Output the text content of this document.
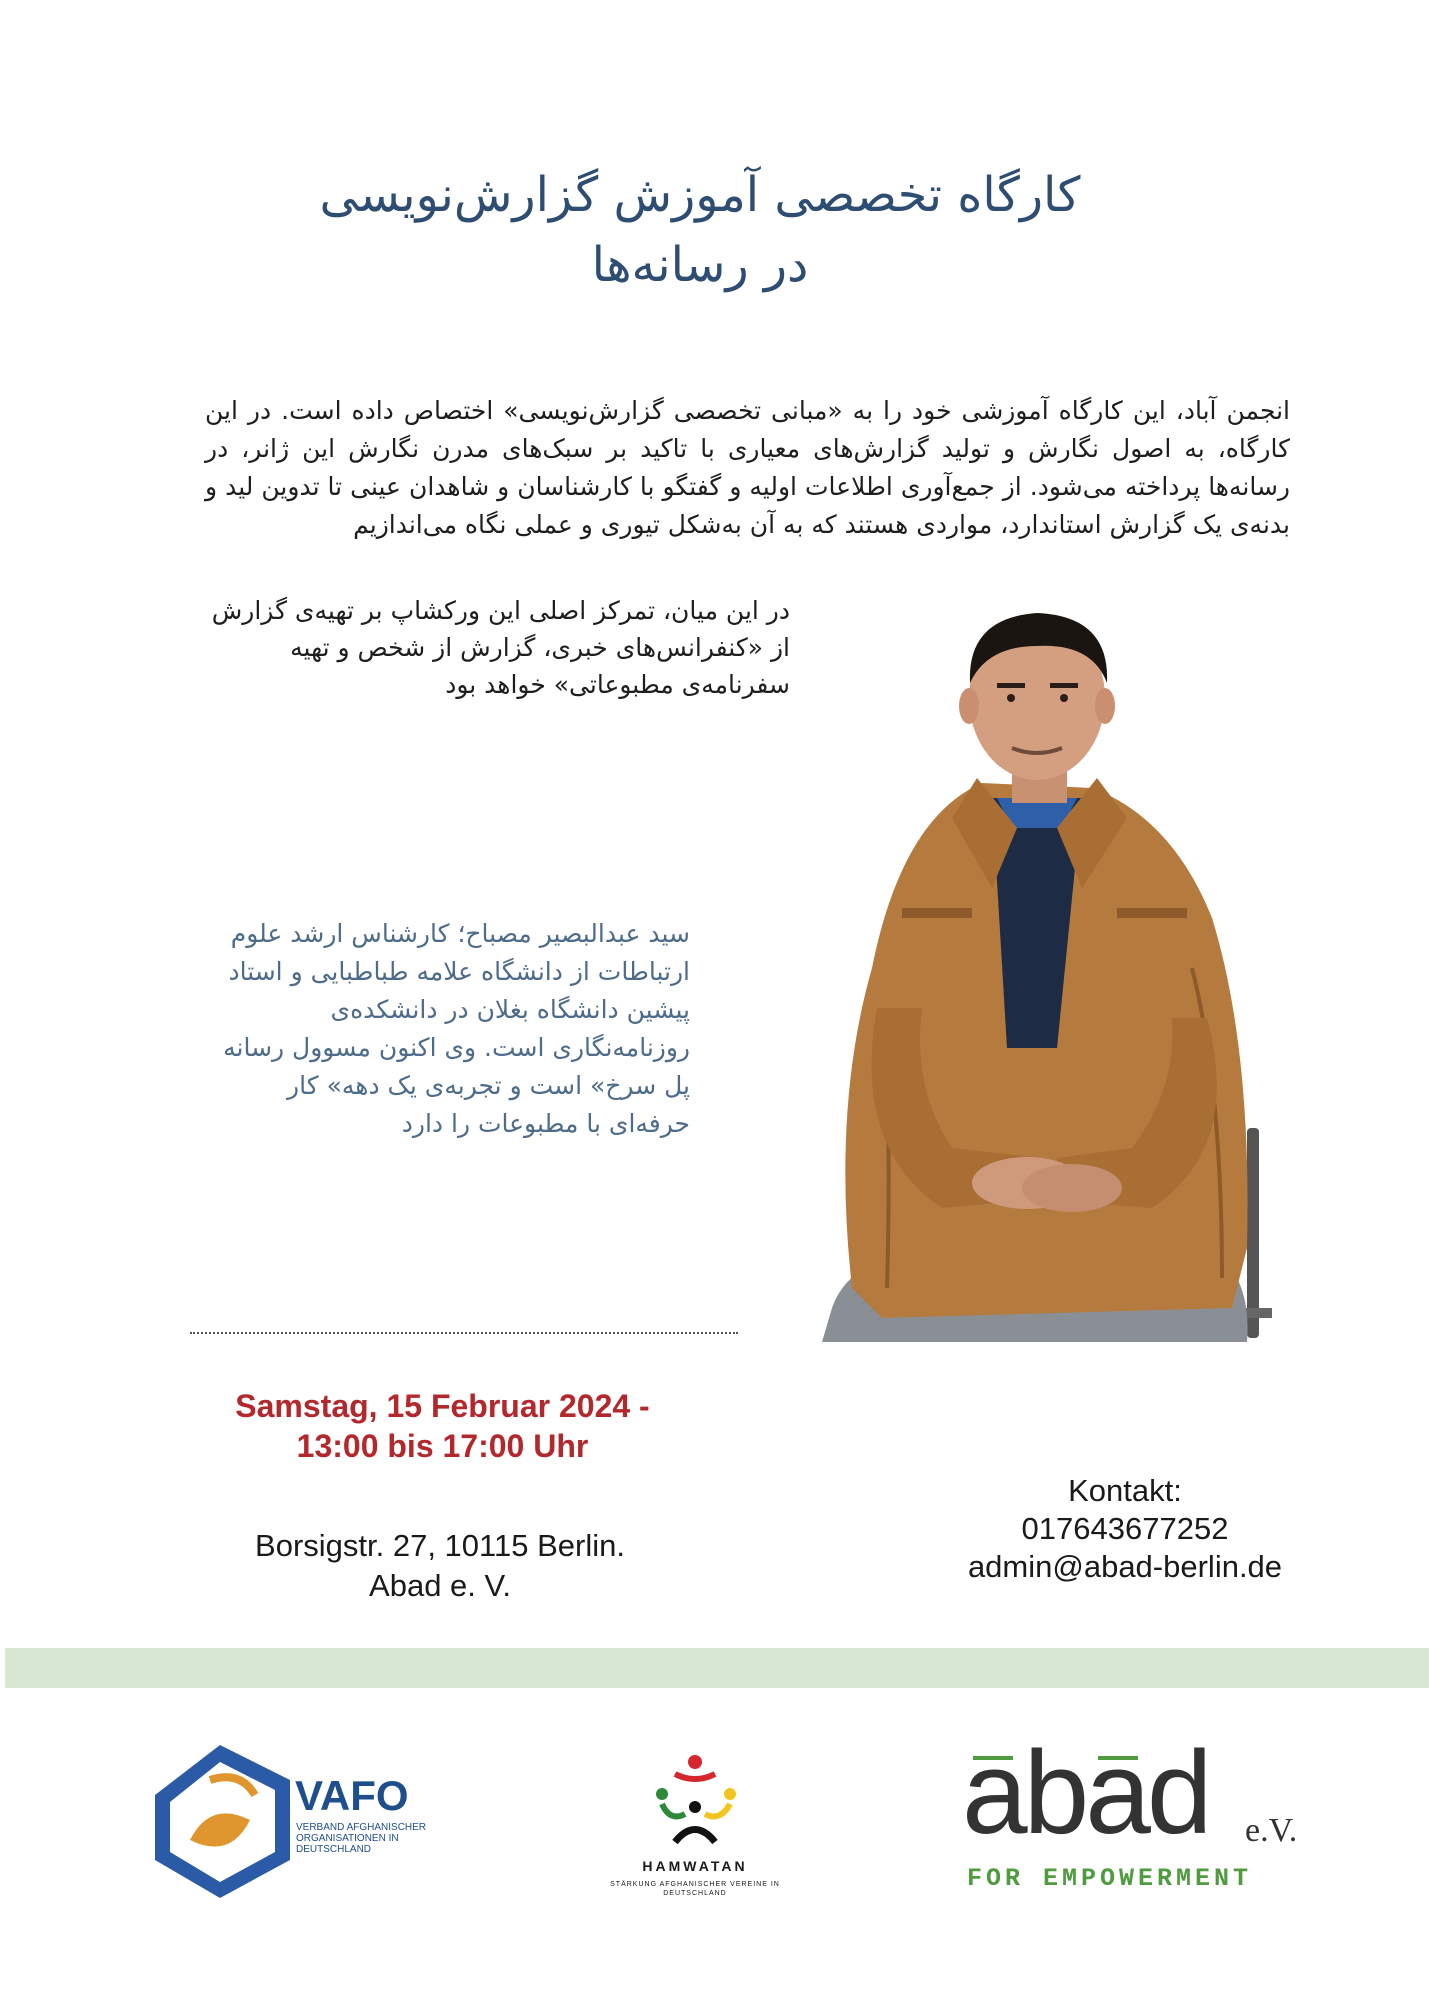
کارگاه تخصصی آموزش گزارش‌نویسی
در رسانه‌ها
انجمن آباد، این کارگاه آموزشی خود را به «مبانی تخصصی گزارش‌نویسی» اختصاص داده است. در این کارگاه، به اصول نگارش و تولید گزارش‌های معیاری با تاکید بر سبک‌های مدرن نگارش این ژانر، در رسانه‌ها پرداخته می‌شود. از جمع‌آوری اطلاعات اولیه و گفتگو با کارشناسان و شاهدان عینی تا تدوین لید و بدنه‌ی یک گزارش استاندارد، مواردی هستند که به آن به‌شکل تیوری و عملی نگاه می‌اندازیم
در این میان، تمرکز اصلی این ورکشاپ بر تهیه‌ی گزارش از «کنفرانس‌های خبری، گزارش از شخص و تهیه سفرنامه‌ی مطبوعاتی» خواهد بود
سید عبدالبصیر مصباح؛ کارشناس ارشد علوم ارتباطات از دانشگاه علامه طباطبایی و استاد پیشین دانشگاه بغلان در دانشکده‌ی روزنامه‌نگاری است. وی اکنون مسوول رسانه پل سرخ» است و تجربه‌ی یک دهه» کار حرفه‌ای با مطبوعات را دارد
Samstag, 15 Februar 2024 -
13:00 bis 17:00 Uhr
Borsigstr. 27, 10115 Berlin.
Abad e. V.
Kontakt:
017643677252
admin@abad-berlin.de
VAFO
VERBAND AFGHANISCHER ORGANISATIONEN IN DEUTSCHLAND
HAMWATAN
STÄRKUNG AFGHANISCHER VEREINE IN DEUTSCHLAND
abad e.V.
FOR EMPOWERMENT
